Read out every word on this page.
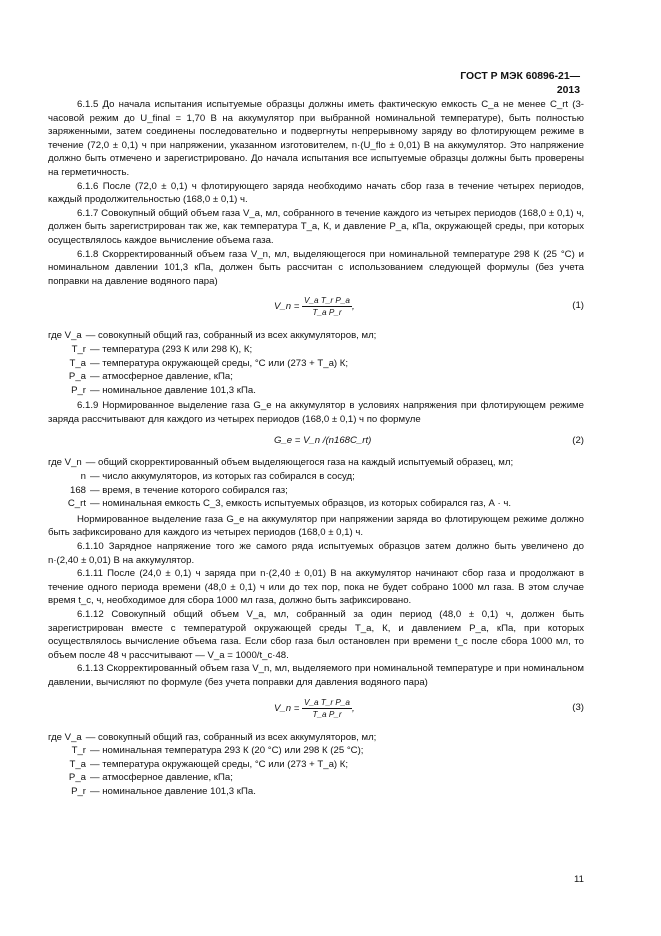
ГОСТ Р МЭК 60896-21—2013

6.1.5 До начала испытания испытуемые образцы должны иметь фактическую емкость C_a не менее C_rt (3-часовой режим до U_final = 1,70 В на аккумулятор при выбранной номинальной температуре), быть полностью заряженными, затем соединены последовательно и подвергнуты непрерывному заряду во флотирующем режиме в течение (72,0 ± 0,1) ч при напряжении, указанном изготовителем, n·(U_flo ± 0,01) В на аккумулятор. Это напряжение должно быть отмечено и зарегистрировано. До начала испытания все испытуемые образцы должны быть проверены на герметичность.

6.1.6 После (72,0 ± 0,1) ч флотирующего заряда необходимо начать сбор газа в течение четырех периодов, каждый продолжительностью (168,0 ± 0,1) ч.

6.1.7 Совокупный общий объем газа V_a, мл, собранного в течение каждого из четырех периодов (168,0 ± 0,1) ч, должен быть зарегистрирован так же, как температура T_a, К, и давление P_a, кПа, окружающей среды, при которых осуществлялось каждое вычисление объема газа.

6.1.8 Скорректированный объем газа V_n, мл, выделяющегося при номинальной температуре 298 К (25 °C) и номинальном давлении 101,3 кПа, должен быть рассчитан с использованием следующей формулы (без учета поправки на давление водяного пара)

V_n = $\frac{\text{V\_a T\_r P\_a}}{\text{T\_a P\_r}}$ ,	(1)
где V_a — совокупный общий газ, собранный из всех аккумуляторов, мл;
T_r — температура (293 К или 298 К), К;
T_a — температура окружающей среды, °C или (273 + T_a) К;
P_a — атмосферное давление, кПа;
P_r — номинальное давление 101,3 кПа.

6.1.9 Нормированное выделение газа G_e на аккумулятор в условиях напряжения при флотирующем режиме заряда рассчитывают для каждого из четырех периодов (168,0 ± 0,1) ч по формуле

G_e = V_n /(n168C_rt)	(2)
где V_n — общий скорректированный объем выделяющегося газа на каждый испытуемый образец, мл;
n — число аккумуляторов, из которых газ собирался в сосуд;
168 — время, в течение которого собирался газ;
C_rt — номинальная емкость C_3, емкость испытуемых образцов, из которых собирался газ, А · ч.

Нормированное выделение газа G_e на аккумулятор при напряжении заряда во флотирующем режиме должно быть зафиксировано для каждого из четырех периодов (168,0 ± 0,1) ч.

6.1.10 Зарядное напряжение того же самого ряда испытуемых образцов затем должно быть увеличено до n·(2,40 ± 0,01) В на аккумулятор.

6.1.11 После (24,0 ± 0,1) ч заряда при n·(2,40 ± 0,01) В на аккумулятор начинают сбор газа и продолжают в течение одного периода времени (48,0 ± 0,1) ч или до тех пор, пока не будет собрано 1000 мл газа. В этом случае время t_c, ч, необходимое для сбора 1000 мл газа, должно быть зафиксировано.

6.1.12 Совокупный общий объем V_a, мл, собранный за один период (48,0 ± 0,1) ч, должен быть зарегистрирован вместе с температурой окружающей среды T_a, К, и давлением P_a, кПа, при которых осуществлялось вычисление объема газа. Если сбор газа был остановлен при времени t_c после сбора 1000 мл, то объем после 48 ч рассчитывают — V_a = 1000/t_c·48.

6.1.13 Скорректированный объем газа V_n, мл, выделяемого при номинальной температуре и при номинальном давлении, вычисляют по формуле (без учета поправки для давления водяного пара)

V_n = $\frac{\text{V\_a T\_r P\_a}}{\text{T\_a P\_r}}$ ,	(3)
где V_a — совокупный общий газ, собранный из всех аккумуляторов, мл;
T_r — номинальная температура 293 К (20 °C) или 298 К (25 °C);
T_a — температура окружающей среды, °C или (273 + T_a) К;
P_a — атмосферное давление, кПа;
P_r — номинальное давление 101,3 кПа.
11
